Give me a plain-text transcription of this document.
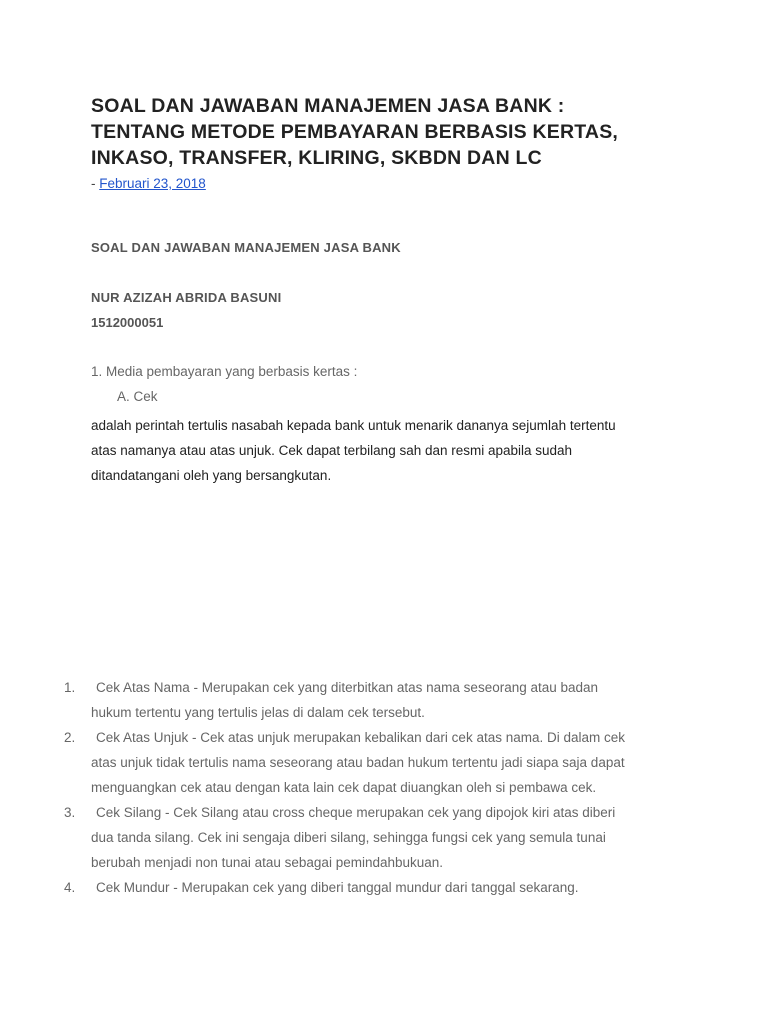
SOAL DAN JAWABAN MANAJEMEN JASA BANK :
TENTANG METODE PEMBAYARAN BERBASIS KERTAS,
INKASO, TRANSFER, KLIRING, SKBDN DAN LC
- Februari 23, 2018
SOAL DAN JAWABAN MANAJEMEN JASA BANK
NUR AZIZAH ABRIDA BASUNI
1512000051
1. Media pembayaran yang berbasis kertas :
A. Cek
adalah perintah tertulis nasabah kepada bank untuk menarik dananya sejumlah tertentu
atas namanya atau atas unjuk. Cek dapat terbilang sah dan resmi apabila sudah
ditandatangani oleh yang bersangkutan.
1.	Cek Atas Nama - Merupakan cek yang diterbitkan atas nama seseorang atau badan
hukum tertentu yang tertulis jelas di dalam cek tersebut.
2.	Cek Atas Unjuk - Cek atas unjuk merupakan kebalikan dari cek atas nama. Di dalam cek
atas unjuk tidak tertulis nama seseorang atau badan hukum tertentu jadi siapa saja dapat
menguangkan cek atau dengan kata lain cek dapat diuangkan oleh si pembawa cek.
3.	Cek Silang - Cek Silang atau cross cheque merupakan cek yang dipojok kiri atas diberi
dua tanda silang. Cek ini sengaja diberi silang, sehingga fungsi cek yang semula tunai
berubah menjadi non tunai atau sebagai pemindahbukuan.
4.	Cek Mundur - Merupakan cek yang diberi tanggal mundur dari tanggal sekarang.
